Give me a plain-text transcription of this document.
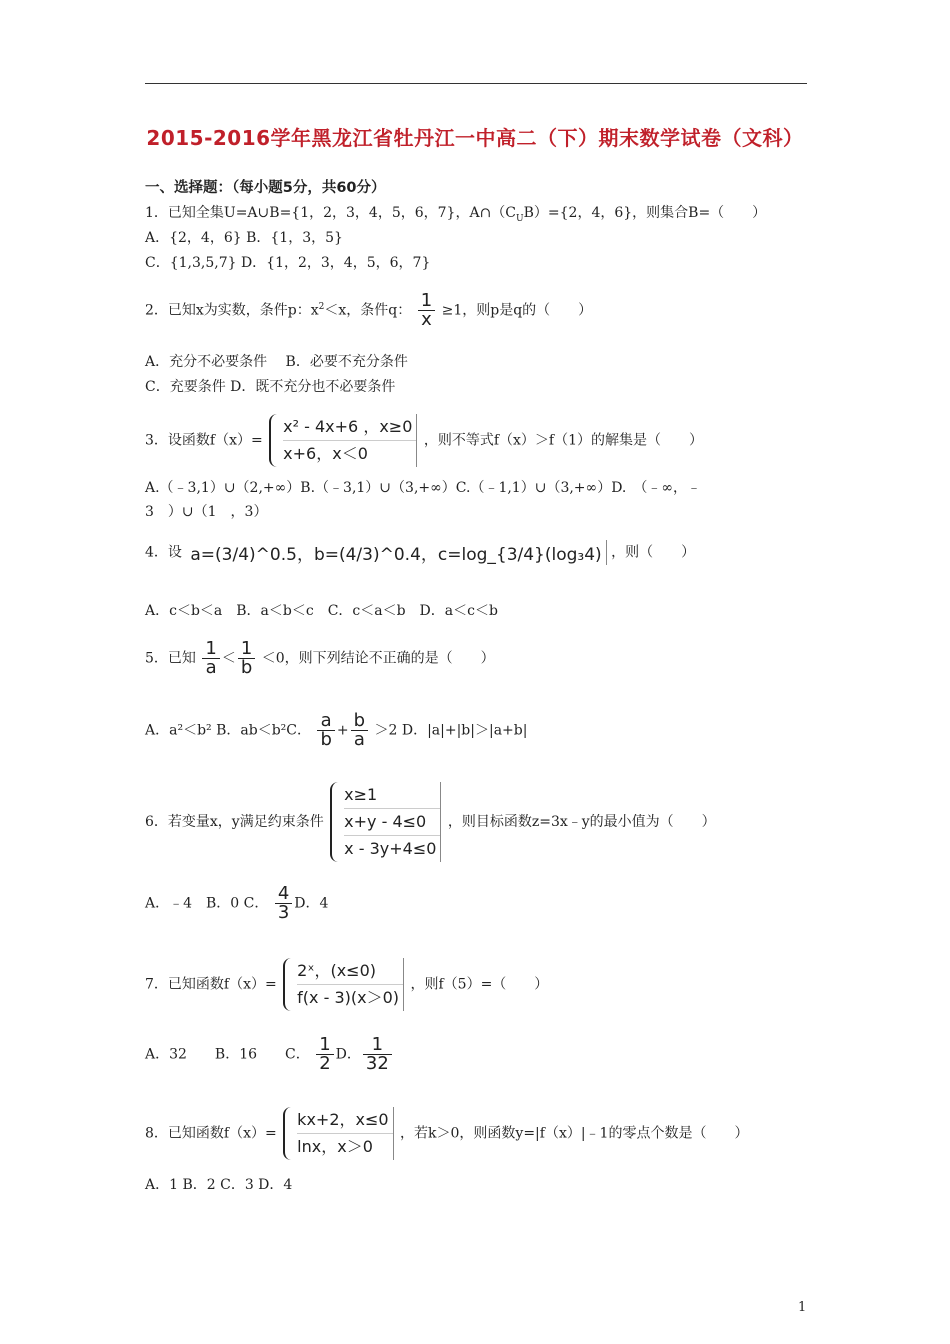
2015-2016学年黑龙江省牡丹江一中高二（下）期末数学试卷（文科）
一、选择题：（每小题5分，共60分）
1．已知全集U=A∪B={1，2，3，4，5，6，7}，$A\cap(C_UB)=\{2$，4，6}，则集合B=（　　）
A．{2，4，6} B．{1，3，5}
C．{1,3,5,7} D．{1，2，3，4，5，6，7}
2．已知x为实数，条件p：$x^2<x$，条件q： $\frac{1}{x} \ge 1$，则p是q的（　　）
A．充分不必要条件　 B．必要不充分条件
C．充要条件 D．既不充分也不必要条件
3．设函数$f(x)= \frac{\text{x² - 4x+6 ，x≥0}}{x+6,x<0}$ ，则不等式f（x）＞f（1）的解集是（　　）
A.（﹣3,1）∪（2,+∞）B.（﹣3,1）∪（3,+∞）C.（﹣1,1）∪（3,+∞）D.　（﹣∞，﹣
3　）∪（1　，3）
4．设 a=(3/4)^0.5，b=(4/3)^0.4，c=log_{3/4}(log₃4) ，则（　　）
A．c＜b＜a　B．a＜b＜c　C．c＜a＜b　D．a＜c＜b
5．已知 $\frac{1}{a} < \frac{1}{b} <0$，则下列结论不正确的是（　　）
A．a²＜b² B．ab＜b²C． $\frac{a}{b} + \frac{b}{a} >2$ D．|a|+|b|＞|a+b|
6．若变量x，y满足约束条件
x≥1
x+y - 4≤0
x - 3y+4≤0
，则目标函数z=3x﹣y的最小值为（　　）
A．﹣4　B．0 C． $\frac{4}{3}$ D．4
7．已知函数$f(x)= \frac{\text{2ˣ，(x≤0)}}{f(x - 3)(x>0)}$ ，则f（5）=（　　）
A．32　　B．16　　C． $\frac{1}{2}$ D． $\frac{1}{32}$
8．已知函数$f(x)= \frac{kx+2,x\le 0}{\ln x,x>0}$ ，若k＞0，则函数y=|f（x）|﹣1的零点个数是（　　）
A．1 B．2 C．3 D．4
1
